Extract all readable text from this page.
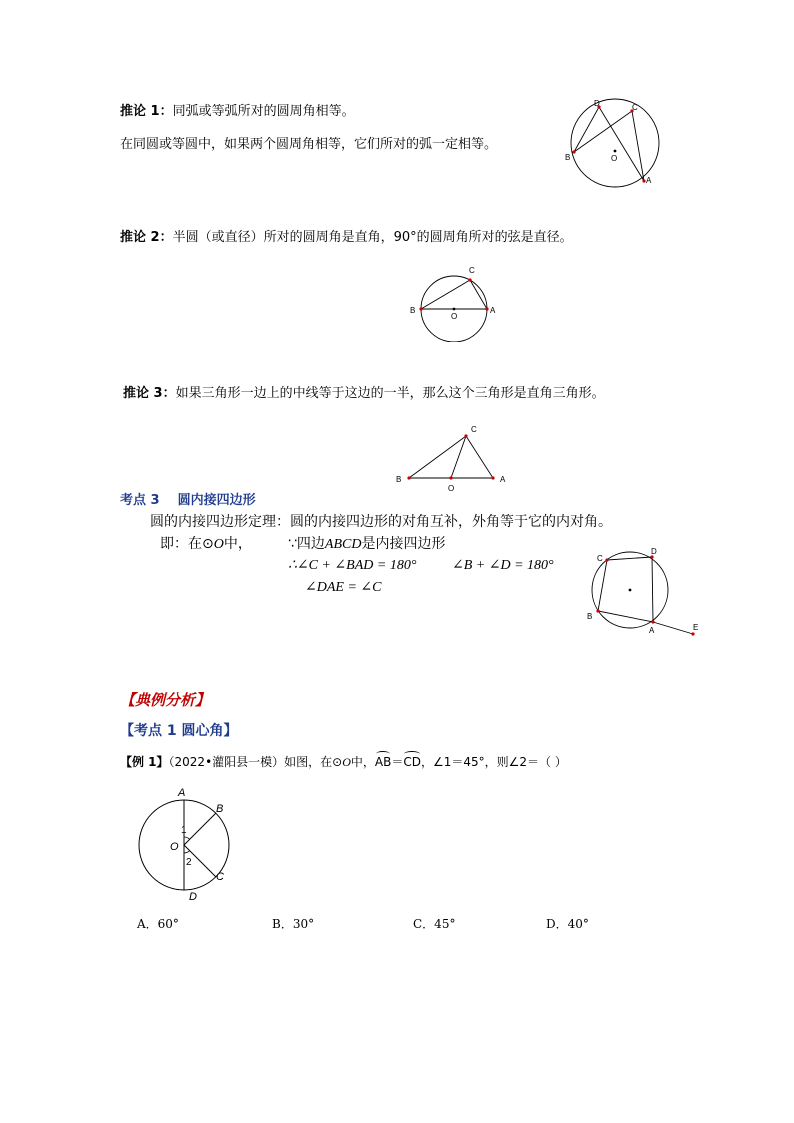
推论 1：同弧或等弧所对的圆周角相等。
在同圆或等圆中，如果两个圆周角相等，它们所对的弧一定相等。
D	C
B	O
A
推论 2：半圆（或直径）所对的圆周角是直角，90°的圆周角所对的弦是直径。
C
B
O
A
推论 3：如果三角形一边上的中线等于这边的一半，那么这个三角形是直角三角形。
C
B
O
A
考点 3    圆内接四边形
圆的内接四边形定理：圆的内接四边形的对角互补，外角等于它的内对角。
即：在⊙O中，	∵四边ABCD是内接四边形
∴∠C + ∠BAD = 180°	∠B + ∠D = 180°
∠DAE = ∠C
C
D
B
A	E
【典例分析】
【考点 1 圆心角】
【例 1】（2022•灌阳县一模）如图，在⊙O中，AB＝CD，∠1＝45°，则∠2＝（ ）
A
B
O
C
D
1
2
A．60°	B．30°	C．45°	D．40°
